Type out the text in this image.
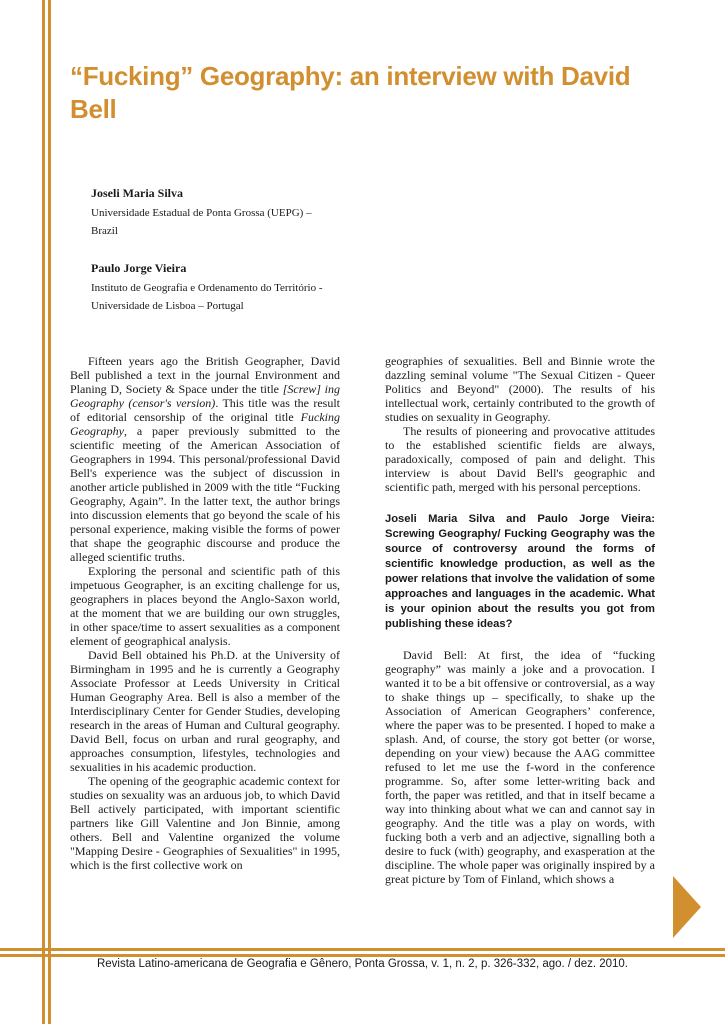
“Fucking” Geography: an interview with David Bell

Joseli Maria Silva

Universidade Estadual de Ponta Grossa (UEPG) –
Brazil

Paulo Jorge Vieira

Instituto de Geografia e Ordenamento do Território -
Universidade de Lisboa – Portugal

Fifteen years ago the British Geographer, David Bell published a text in the journal Environment and Planing D, Society & Space under the title [Screw] ing Geography (censor's version). This title was the result of editorial censorship of the original title Fucking Geography, a paper previously submitted to the scientific meeting of the American Association of Geographers in 1994. This personal/professional David Bell's experience was the subject of discussion in another article published in 2009 with the title “Fucking Geography, Again”. In the latter text, the author brings into discussion elements that go beyond the scale of his personal experience, making visible the forms of power that shape the geographic discourse and produce the alleged scientific truths.

Exploring the personal and scientific path of this impetuous Geographer, is an exciting challenge for us, geographers in places beyond the Anglo-Saxon world, at the moment that we are building our own struggles, in other space/time to assert sexualities as a component element of geographical analysis.

David Bell obtained his Ph.D. at the University of Birmingham in 1995 and he is currently a Geography Associate Professor at Leeds University in Critical Human Geography Area. Bell is also a member of the Interdisciplinary Center for Gender Studies, developing research in the areas of Human and Cultural geography. David Bell, focus on urban and rural geography, and approaches consumption, lifestyles, technologies and sexualities in his academic production.

The opening of the geographic academic context for studies on sexuality was an arduous job, to which David Bell actively participated, with important scientific partners like Gill Valentine and Jon Binnie, among others. Bell and Valentine organized the volume "Mapping Desire - Geographies of Sexualities" in 1995, which is the first collective work on

geographies of sexualities. Bell and Binnie wrote the dazzling seminal volume "The Sexual Citizen - Queer Politics and Beyond" (2000). The results of his intellectual work, certainly contributed to the growth of studies on sexuality in Geography.

The results of pioneering and provocative attitudes to the established scientific fields are always, paradoxically, composed of pain and delight. This interview is about David Bell's geographic and scientific path, merged with his personal perceptions.

Joseli Maria Silva and Paulo Jorge Vieira: Screwing Geography/ Fucking Geography was the source of controversy around the forms of scientific knowledge production, as well as the power relations that involve the validation of some approaches and languages in the academic. What is your opinion about the results you got from publishing these ideas?

David Bell: At first, the idea of “fucking geography” was mainly a joke and a provocation. I wanted it to be a bit offensive or controversial, as a way to shake things up – specifically, to shake up the Association of American Geographers’ conference, where the paper was to be presented. I hoped to make a splash. And, of course, the story got better (or worse, depending on your view) because the AAG committee refused to let me use the f-word in the conference programme. So, after some letter-writing back and forth, the paper was retitled, and that in itself became a way into thinking about what we can and cannot say in geography. And the title was a play on words, with fucking both a verb and an adjective, signalling both a desire to fuck (with) geography, and exasperation at the discipline. The whole paper was originally inspired by a great picture by Tom of Finland, which shows a

Revista Latino-americana de Geografia e Gênero, Ponta Grossa, v. 1, n. 2, p. 326-332, ago. / dez. 2010.
